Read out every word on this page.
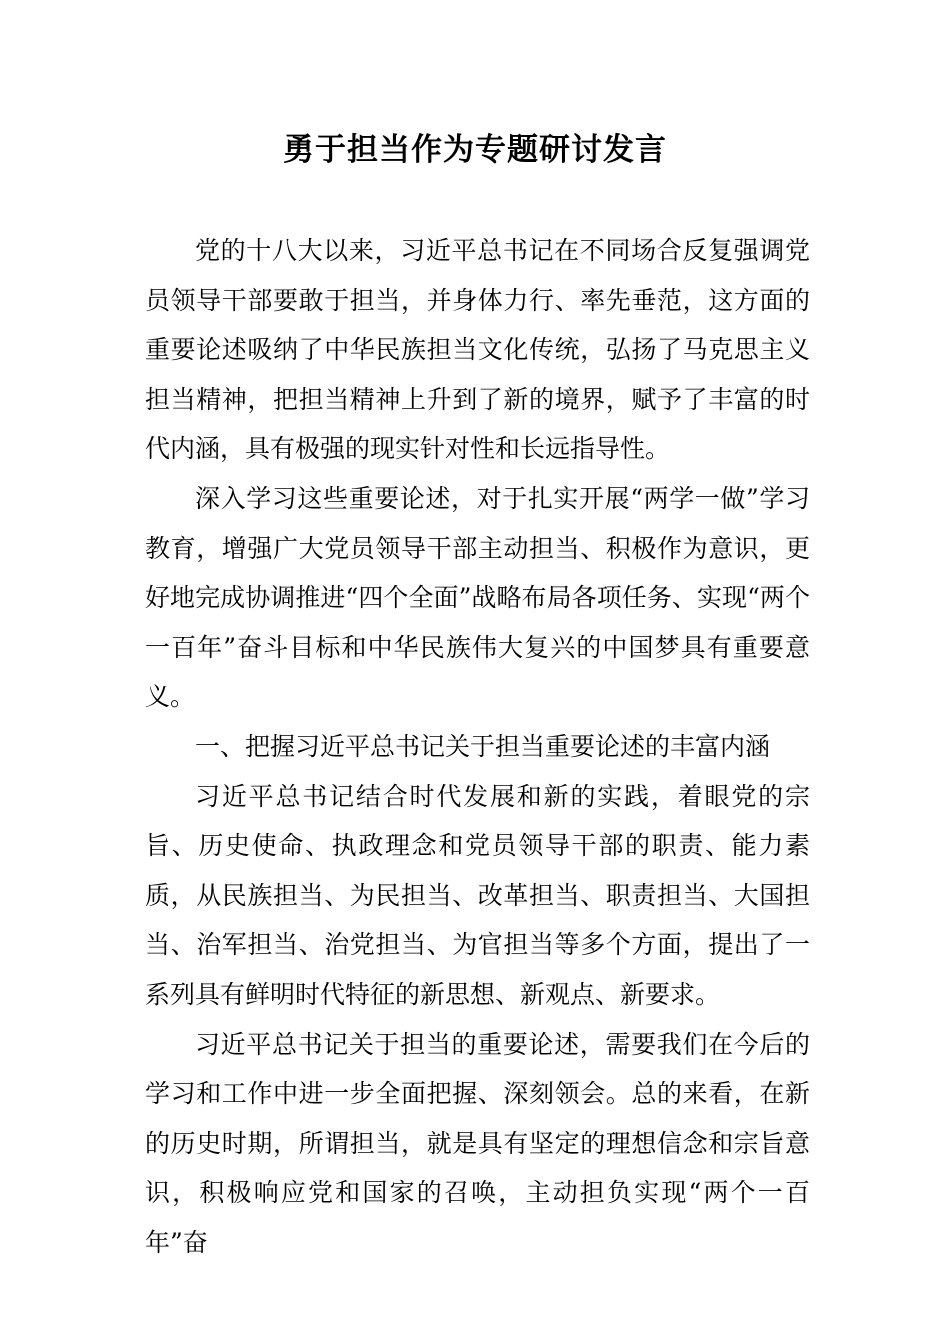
勇于担当作为专题研讨发言

党的十八大以来，习近平总书记在不同场合反复强调党员领导干部要敢于担当，并身体力行、率先垂范，这方面的重要论述吸纳了中华民族担当文化传统，弘扬了马克思主义担当精神，把担当精神上升到了新的境界，赋予了丰富的时代内涵，具有极强的现实针对性和长远指导性。

深入学习这些重要论述，对于扎实开展“两学一做”学习教育，增强广大党员领导干部主动担当、积极作为意识，更好地完成协调推进“四个全面”战略布局各项任务、实现“两个一百年”奋斗目标和中华民族伟大复兴的中国梦具有重要意义。

一、把握习近平总书记关于担当重要论述的丰富内涵

习近平总书记结合时代发展和新的实践，着眼党的宗旨、历史使命、执政理念和党员领导干部的职责、能力素质，从民族担当、为民担当、改革担当、职责担当、大国担当、治军担当、治党担当、为官担当等多个方面，提出了一系列具有鲜明时代特征的新思想、新观点、新要求。

习近平总书记关于担当的重要论述，需要我们在今后的学习和工作中进一步全面把握、深刻领会。总的来看，在新的历史时期，所谓担当，就是具有坚定的理想信念和宗旨意识，积极响应党和国家的召唤，主动担负实现“两个一百年”奋
